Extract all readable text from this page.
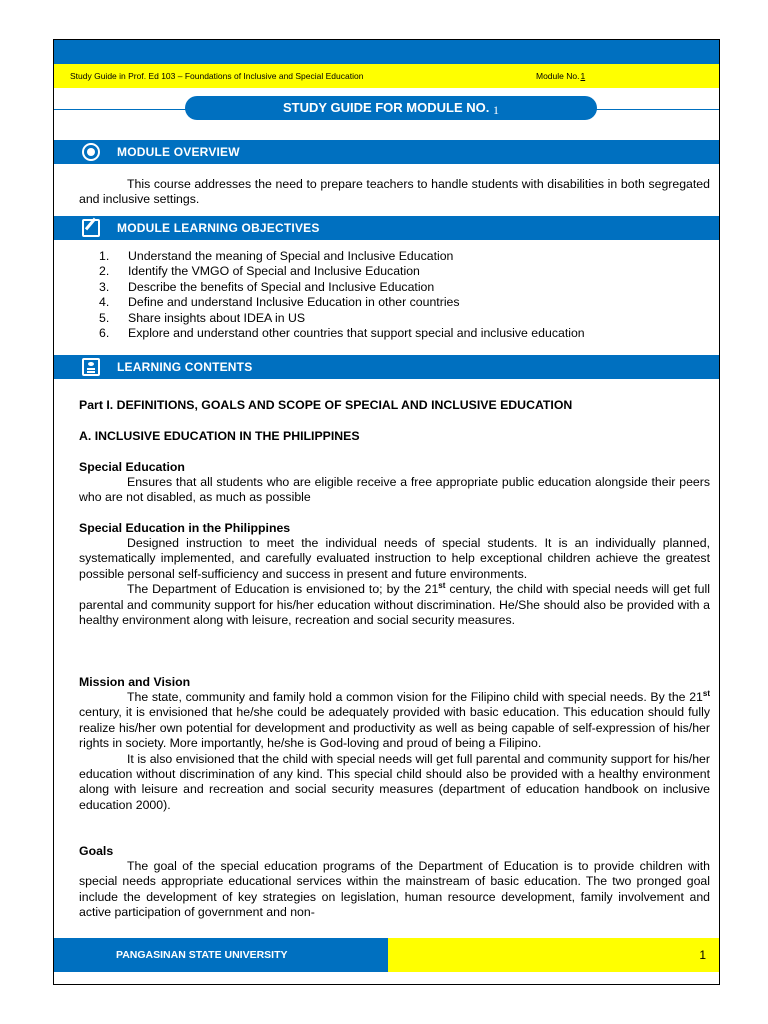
Study Guide in Prof. Ed 103 – Foundations of Inclusive and Special Education	Module No.1
STUDY GUIDE FOR MODULE NO. 1
MODULE OVERVIEW

This course addresses the need to prepare teachers to handle students with disabilities in both segregated and inclusive settings.

MODULE LEARNING OBJECTIVES
1. Understand the meaning of Special and Inclusive Education
2. Identify the VMGO of Special and Inclusive Education
3. Describe the benefits of Special and Inclusive Education
4. Define and understand Inclusive Education in other countries
5. Share insights about IDEA in US
6. Explore and understand other countries that support special and inclusive education
LEARNING CONTENTS
Part I. DEFINITIONS, GOALS AND SCOPE OF SPECIAL AND INCLUSIVE EDUCATION
A. INCLUSIVE EDUCATION IN THE PHILIPPINES
Special Education

Ensures that all students who are eligible receive a free appropriate public education alongside their peers who are not disabled, as much as possible

Special Education in the Philippines

Designed instruction to meet the individual needs of special students. It is an individually planned, systematically implemented, and carefully evaluated instruction to help exceptional children achieve the greatest possible personal self-sufficiency and success in present and future environments.

The Department of Education is envisioned to; by the 21st century, the child with special needs will get full parental and community support for his/her education without discrimination. He/She should also be provided with a healthy environment along with leisure, recreation and social security measures.

Mission and Vision

The state, community and family hold a common vision for the Filipino child with special needs. By the 21st century, it is envisioned that he/she could be adequately provided with basic education. This education should fully realize his/her own potential for development and productivity as well as being capable of self-expression of his/her rights in society. More importantly, he/she is God-loving and proud of being a Filipino.

It is also envisioned that the child with special needs will get full parental and community support for his/her education without discrimination of any kind. This special child should also be provided with a healthy environment along with leisure and recreation and social security measures (department of education handbook on inclusive education 2000).

Goals

The goal of the special education programs of the Department of Education is to provide children with special needs appropriate educational services within the mainstream of basic education. The two pronged goal include the development of key strategies on legislation, human resource development, family involvement and active participation of government and non-

PANGASINAN STATE UNIVERSITY	1
